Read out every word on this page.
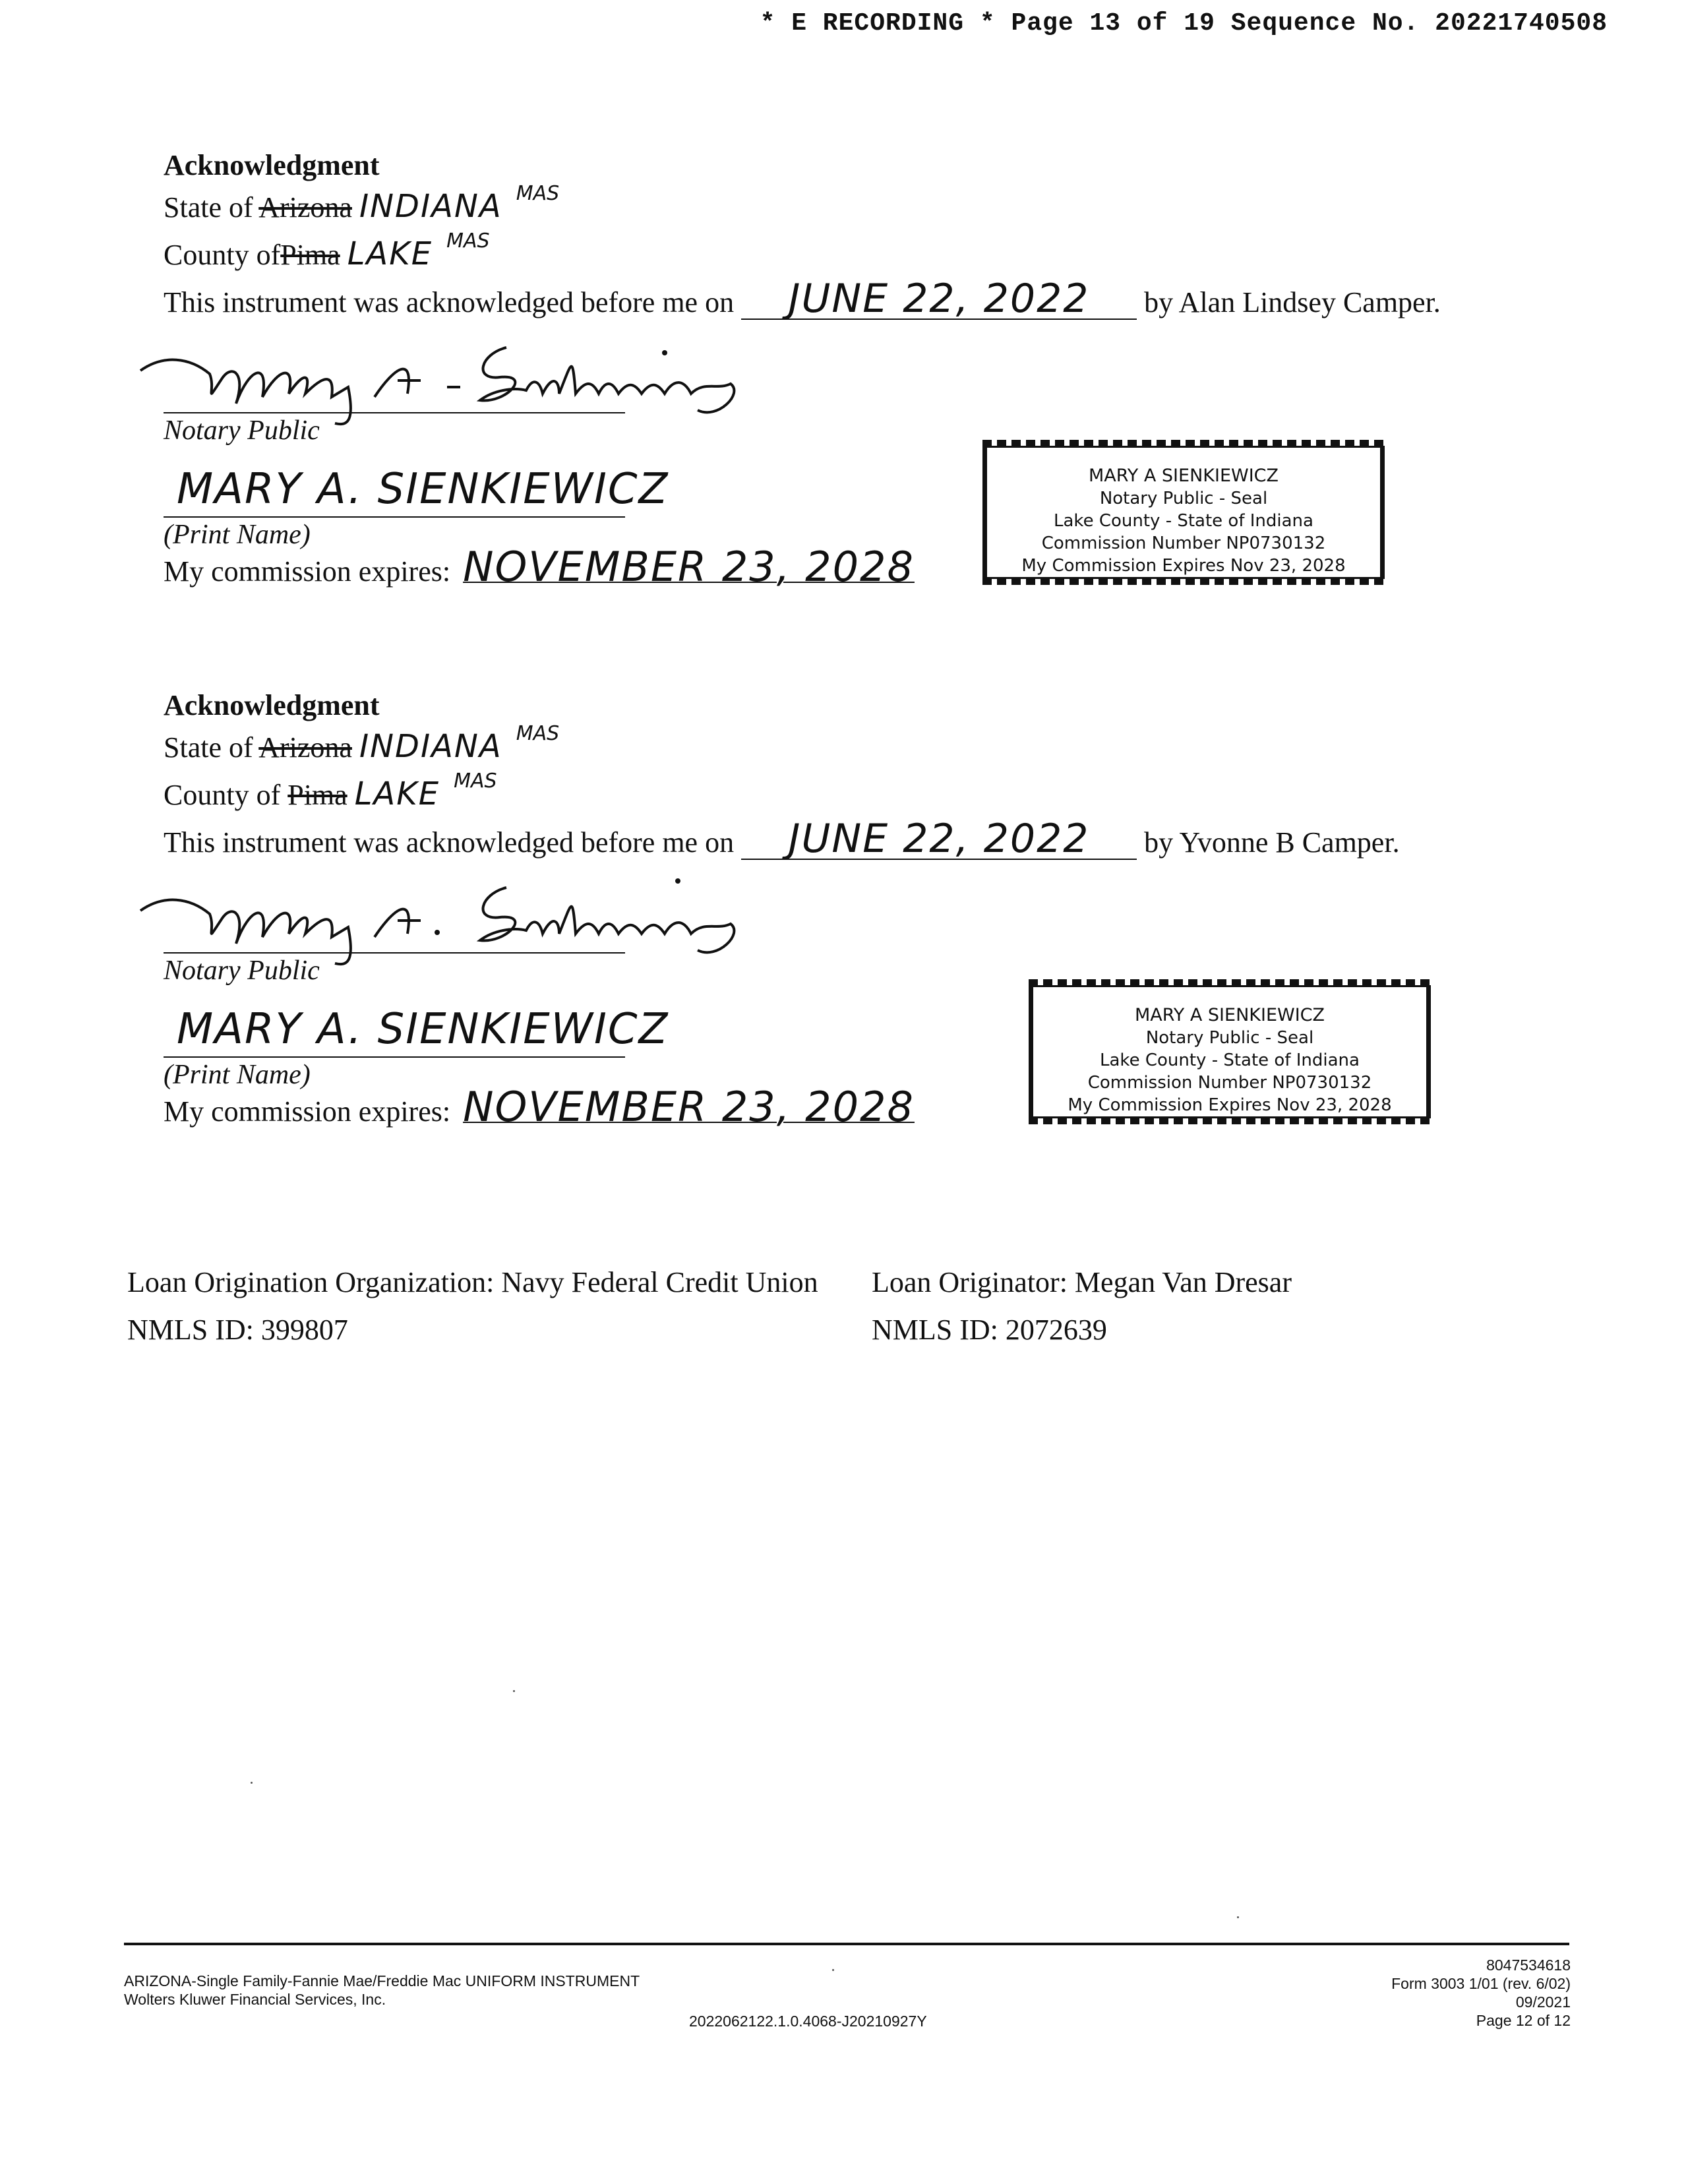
* E RECORDING * Page 13 of 19 Sequence No. 20221740508
Acknowledgment
State of Arizona INDIANA $^{MAS}$
County ofPima LAKE $^{MAS}$
This instrument was acknowledged before me on JUNE 22, 2022 by Alan Lindsey Camper.
Notary Public
MARY A. SIENKIEWICZ
(Print Name)
My commission expires: NOVEMBER 23, 2028
MARY A SIENKIEWICZ
Notary Public - Seal
Lake County - State of Indiana
Commission Number NP0730132
My Commission Expires Nov 23, 2028
Acknowledgment
State of Arizona INDIANA $^{MAS}$
County of Pima LAKE $^{MAS}$
This instrument was acknowledged before me on JUNE 22, 2022 by Yvonne B Camper.
Notary Public
MARY A. SIENKIEWICZ
(Print Name)
My commission expires: NOVEMBER 23, 2028
MARY A SIENKIEWICZ
Notary Public - Seal
Lake County - State of Indiana
Commission Number NP0730132
My Commission Expires Nov 23, 2028

Loan Origination Organization: Navy Federal Credit Union

NMLS ID: 399807

Loan Originator: Megan Van Dresar

NMLS ID: 2072639

ARIZONA-Single Family-Fannie Mae/Freddie Mac UNIFORM INSTRUMENT
Wolters Kluwer Financial Services, Inc.
2022062122.1.0.4068-J20210927Y
8047534618
Form 3003 1/01 (rev. 6/02)
09/2021
Page 12 of 12
